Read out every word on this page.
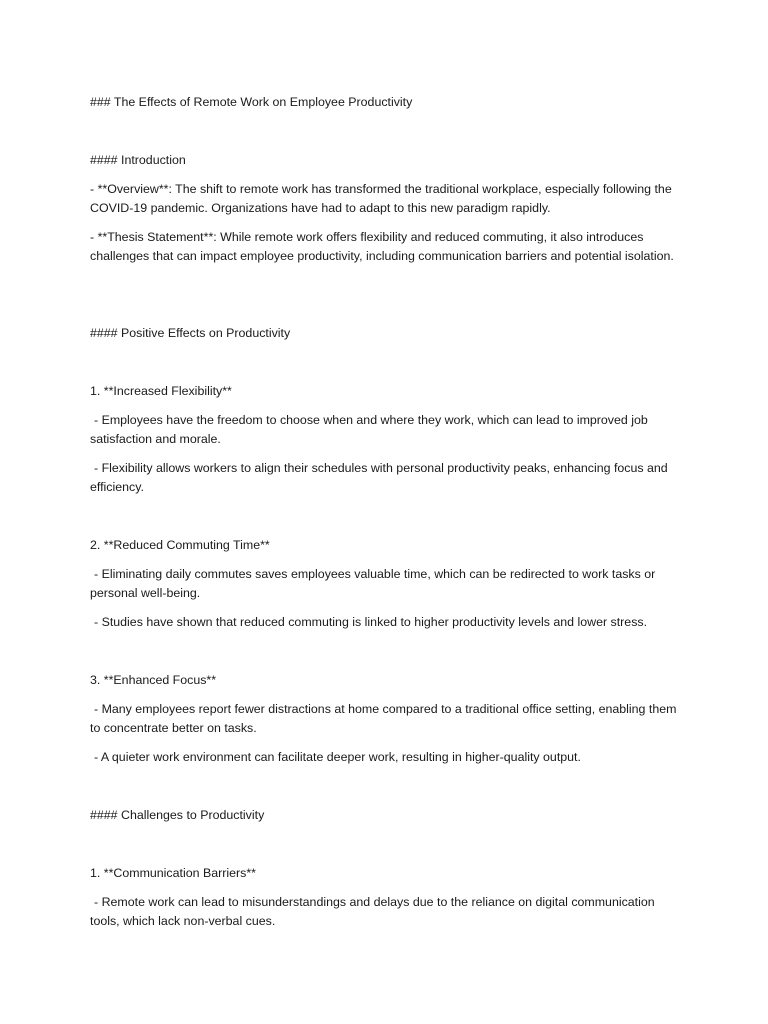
### The Effects of Remote Work on Employee Productivity
#### Introduction
- **Overview**: The shift to remote work has transformed the traditional workplace, especially following the COVID-19 pandemic. Organizations have had to adapt to this new paradigm rapidly.
- **Thesis Statement**: While remote work offers flexibility and reduced commuting, it also introduces challenges that can impact employee productivity, including communication barriers and potential isolation.
#### Positive Effects on Productivity
1. **Increased Flexibility**
- Employees have the freedom to choose when and where they work, which can lead to improved job satisfaction and morale.
- Flexibility allows workers to align their schedules with personal productivity peaks, enhancing focus and efficiency.
2. **Reduced Commuting Time**
- Eliminating daily commutes saves employees valuable time, which can be redirected to work tasks or personal well-being.
- Studies have shown that reduced commuting is linked to higher productivity levels and lower stress.
3. **Enhanced Focus**
- Many employees report fewer distractions at home compared to a traditional office setting, enabling them to concentrate better on tasks.
- A quieter work environment can facilitate deeper work, resulting in higher-quality output.
#### Challenges to Productivity
1. **Communication Barriers**
- Remote work can lead to misunderstandings and delays due to the reliance on digital communication tools, which lack non-verbal cues.
